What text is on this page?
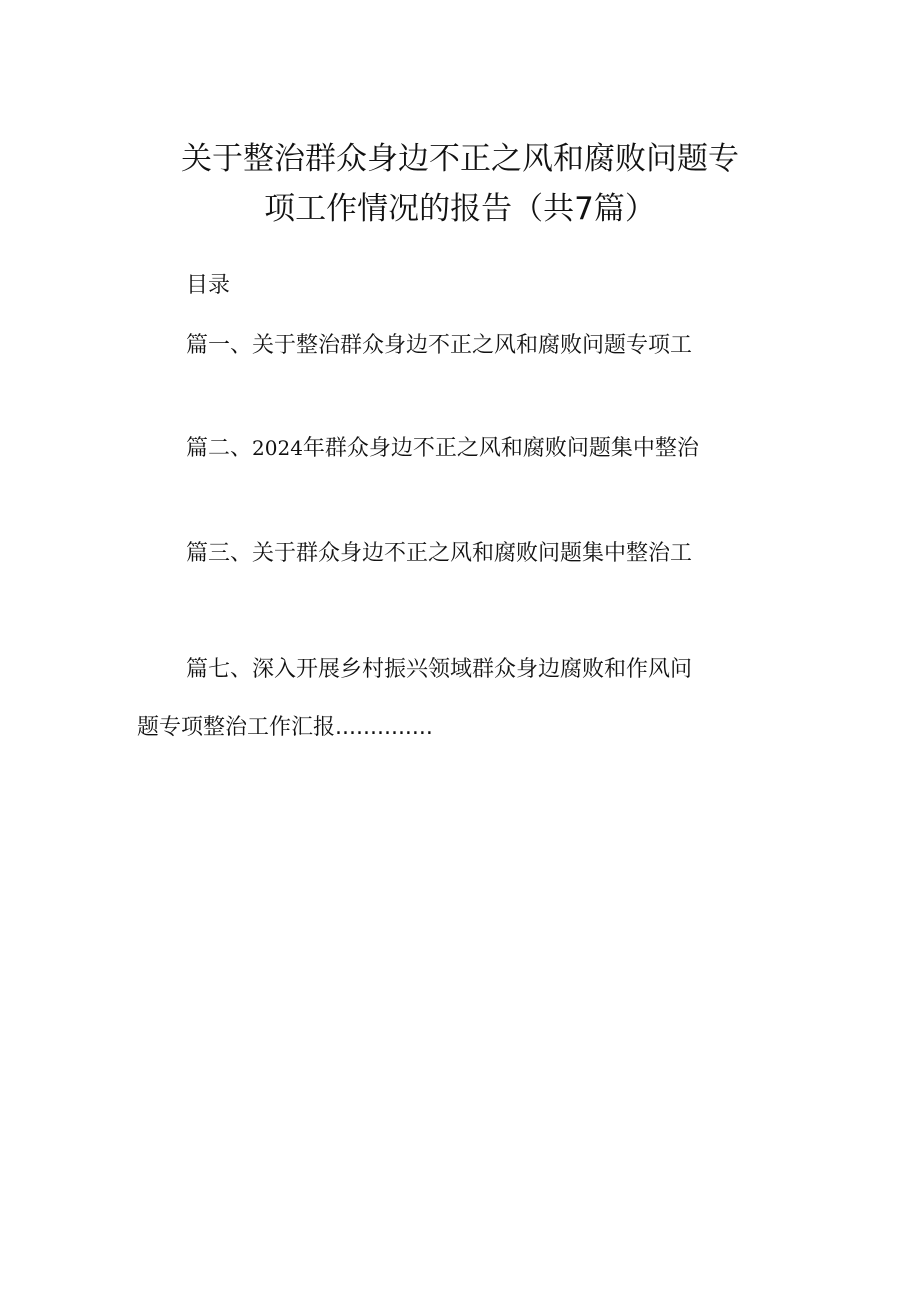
关于整治群众身边不正之风和腐败问题专
项工作情况的报告（共7篇）
目录
篇一、关于整治群众身边不正之风和腐败问题专项工
篇二、2024年群众身边不正之风和腐败问题集中整治
篇三、关于群众身边不正之风和腐败问题集中整治工
篇七、深入开展乡村振兴领域群众身边腐败和作风问
题专项整治工作汇报..............
